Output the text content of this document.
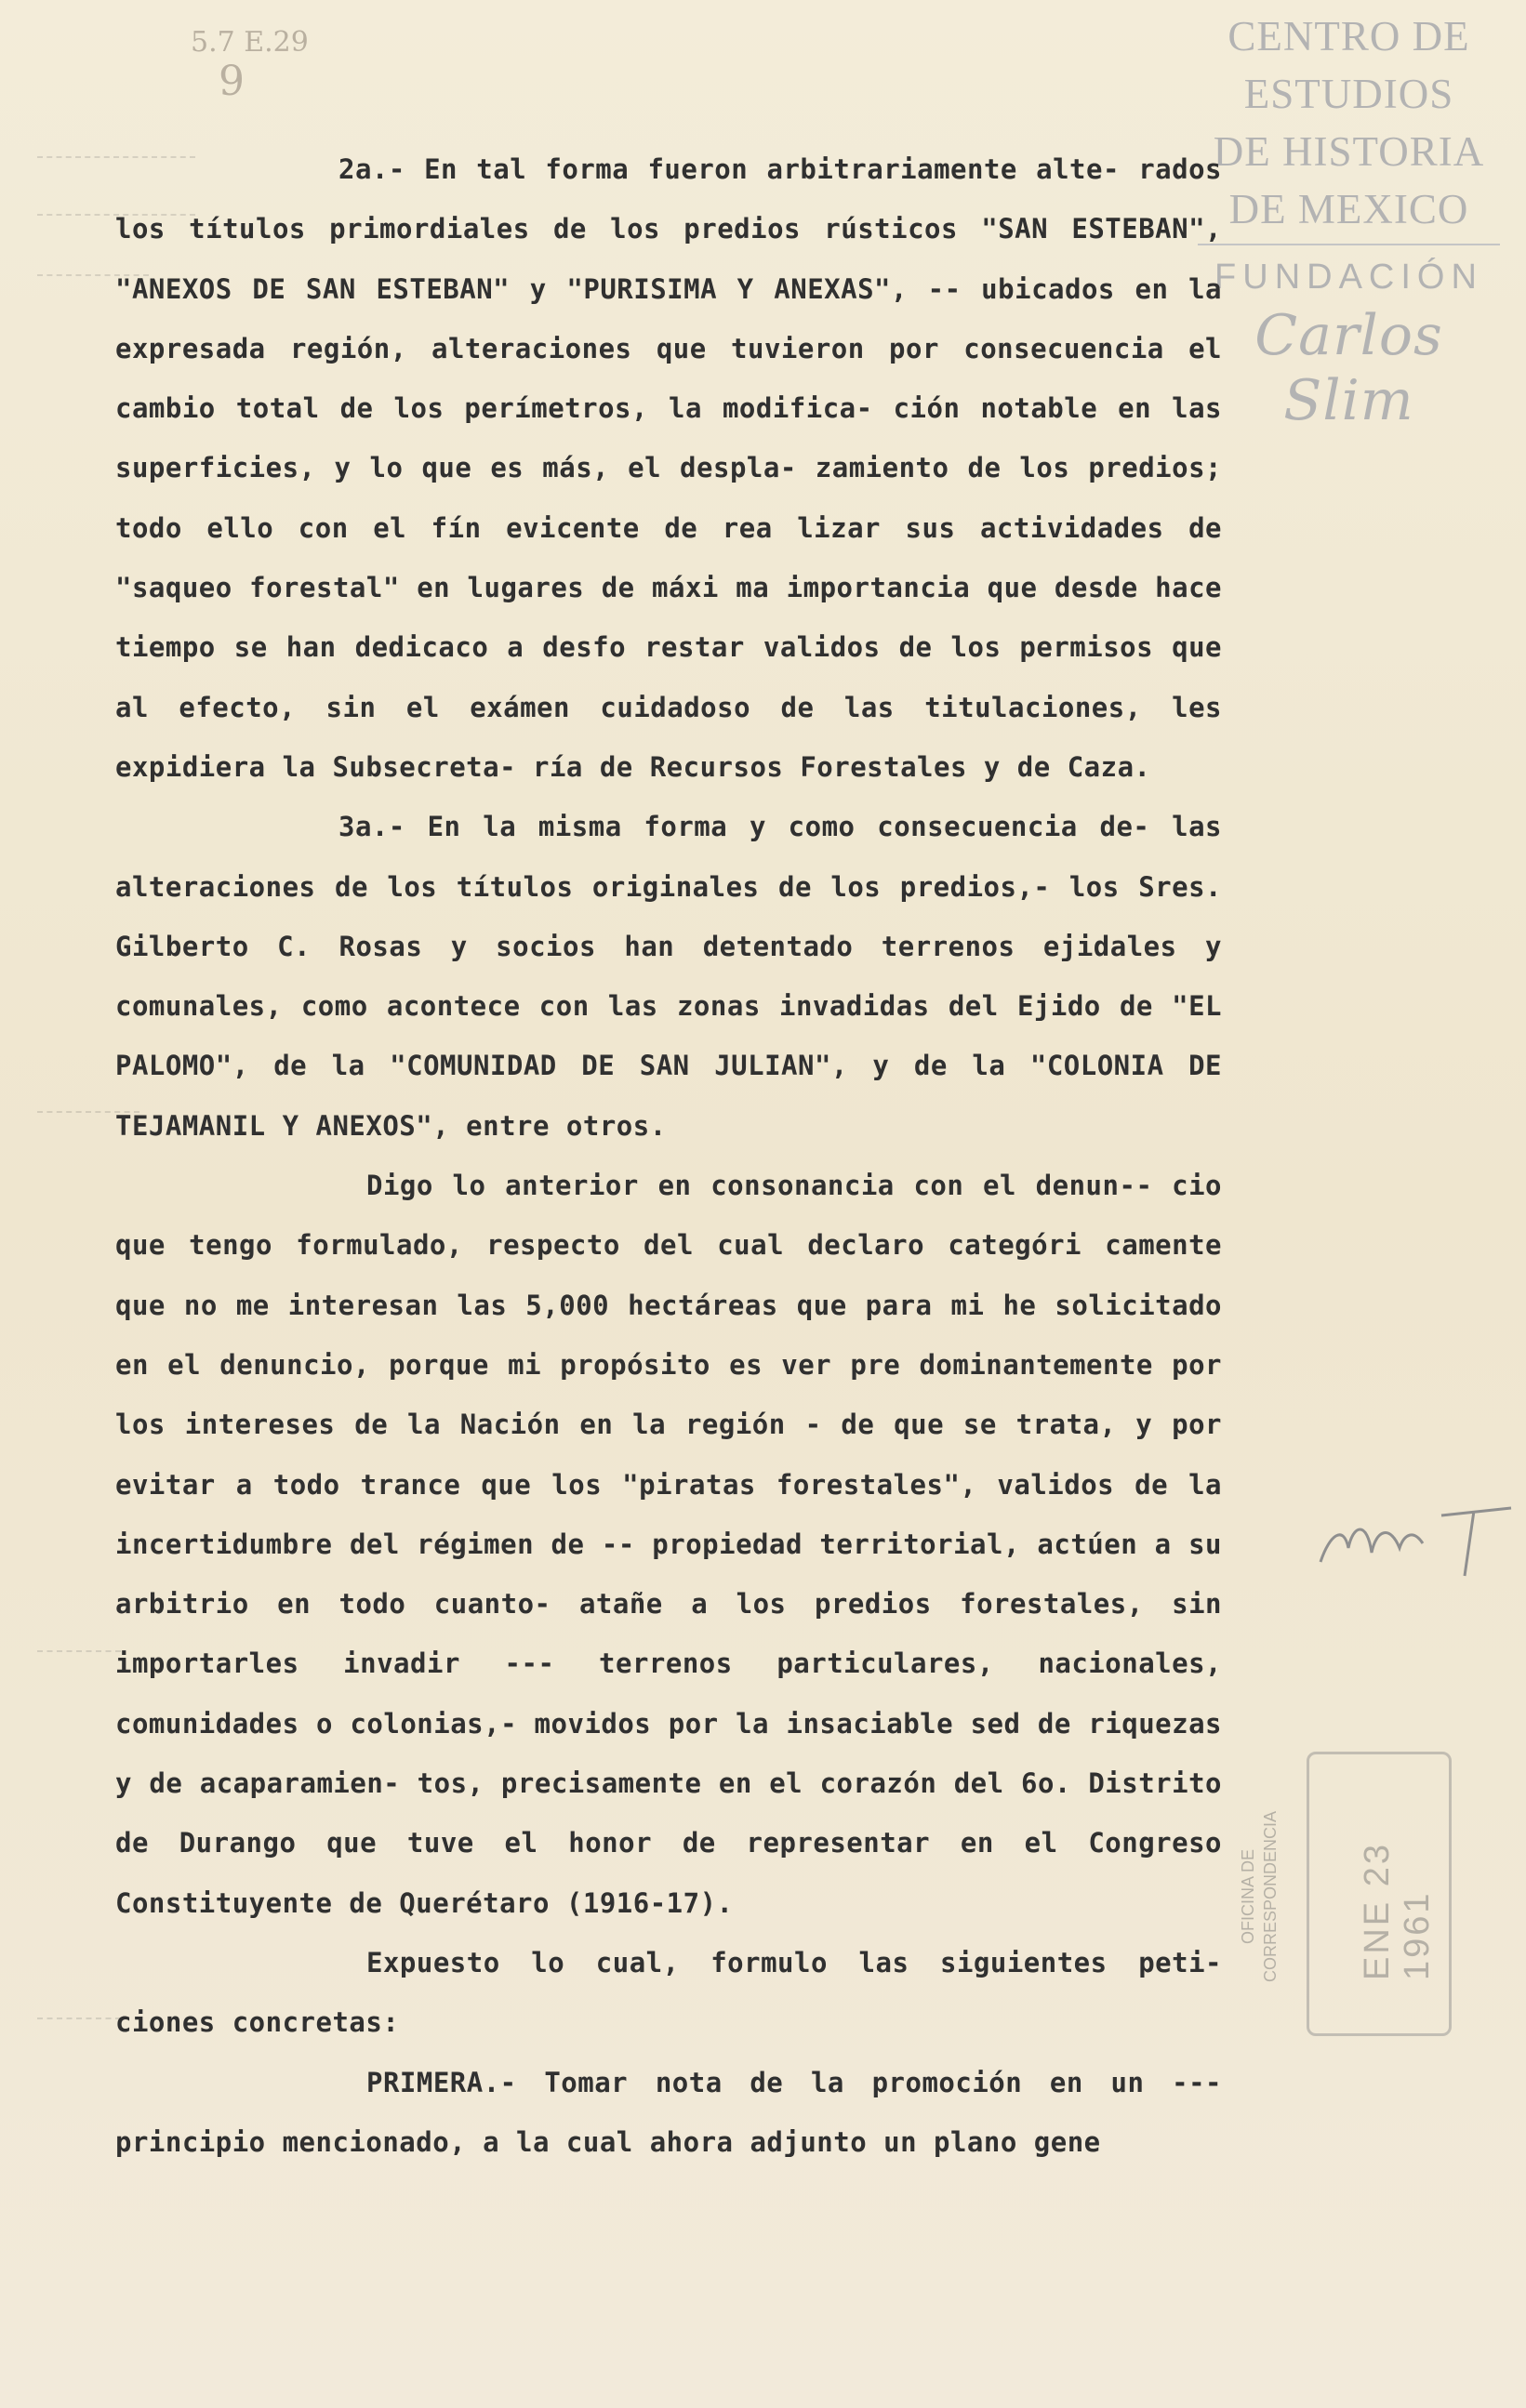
5.7 E.29
9
CENTRO DE
ESTUDIOS
DE HISTORIA
DE MEXICO
FUNDACIÓN
Carlos Slim

2a.- En tal forma fueron arbitrariamente alte- rados los títulos primordiales de los predios rústicos "SAN ESTEBAN", "ANEXOS DE SAN ESTEBAN" y "PURISIMA Y ANEXAS", -- ubicados en la expresada región, alteraciones que tuvieron por consecuencia el cambio total de los perímetros, la modifica- ción notable en las superficies, y lo que es más, el despla- zamiento de los predios; todo ello con el fín evicente de rea lizar sus actividades de "saqueo forestal" en lugares de máxi ma importancia que desde hace tiempo se han dedicaco a desfo restar validos de los permisos que al efecto, sin el exámen cuidadoso de las titulaciones, les expidiera la Subsecreta- ría de Recursos Forestales y de Caza.

3a.- En la misma forma y como consecuencia de- las alteraciones de los títulos originales de los predios,- los Sres. Gilberto C. Rosas y socios han detentado terrenos ejidales y comunales, como acontece con las zonas invadidas del Ejido de "EL PALOMO", de la "COMUNIDAD DE SAN JULIAN", y de la "COLONIA DE TEJAMANIL Y ANEXOS", entre otros.

Digo lo anterior en consonancia con el denun-- cio que tengo formulado, respecto del cual declaro categóri camente que no me interesan las 5,000 hectáreas que para mi he solicitado en el denuncio, porque mi propósito es ver pre dominantemente por los intereses de la Nación en la región - de que se trata, y por evitar a todo trance que los "piratas forestales", validos de la incertidumbre del régimen de -- propiedad territorial, actúen a su arbitrio en todo cuanto- atañe a los predios forestales, sin importarles invadir --- terrenos particulares, nacionales, comunidades o colonias,- movidos por la insaciable sed de riquezas y de acaparamien- tos, precisamente en el corazón del 6o. Distrito de Durango que tuve el honor de representar en el Congreso Constituyente de Querétaro (1916-17).

Expuesto lo cual, formulo las siguientes peti- ciones concretas:

PRIMERA.- Tomar nota de la promoción en un --- principio mencionado, a la cual ahora adjunto un plano gene

OFICINA DE CORRESPONDENCIA ENE 23 1961
